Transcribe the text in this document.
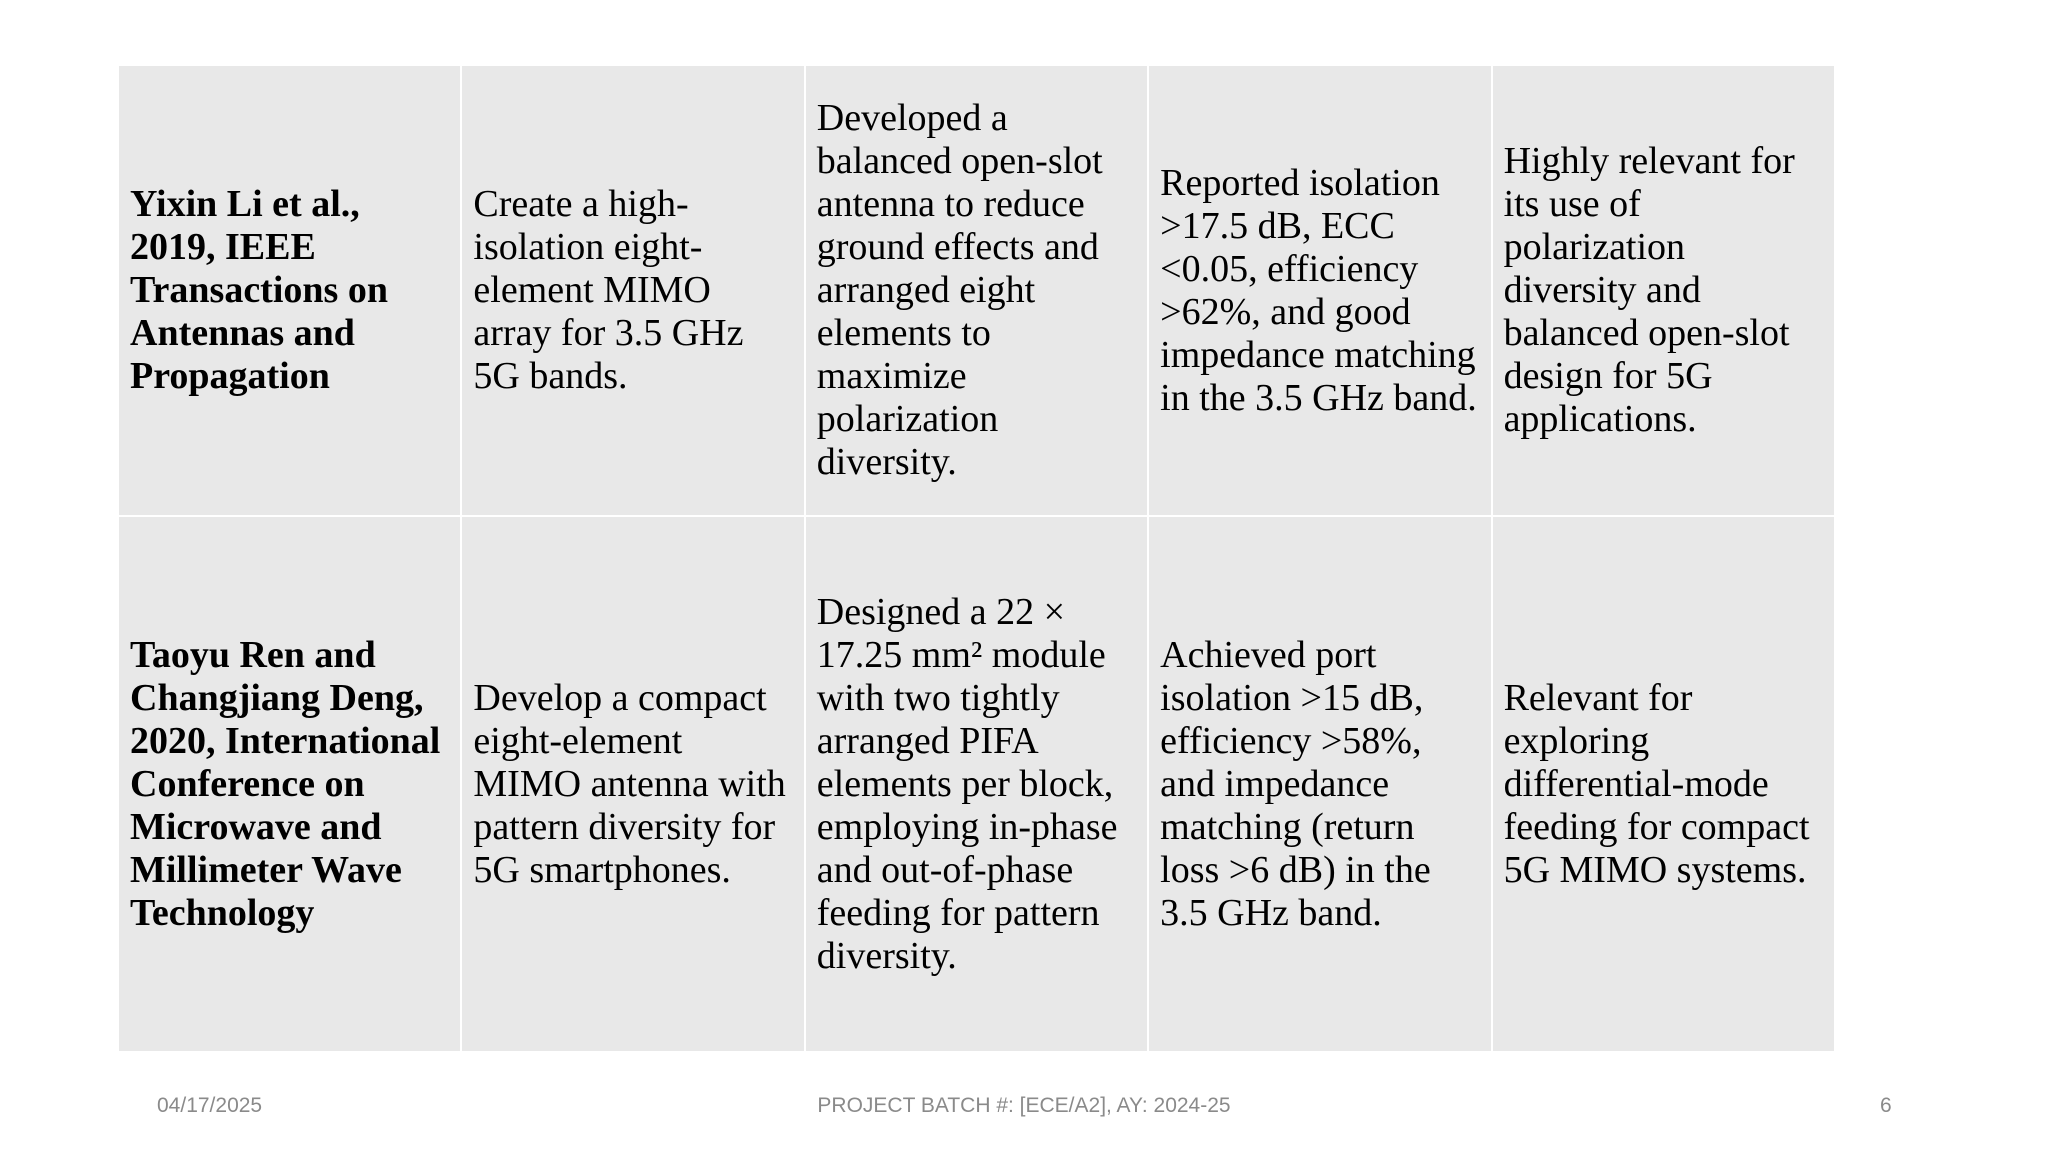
Yixin Li et al., 2019, IEEE Transactions on Antennas and Propagation	Create a high-isolation eight-element MIMO array for 3.5 GHz 5G bands.	Developed a balanced open-slot antenna to reduce ground effects and arranged eight elements to maximize polarization diversity.	Reported isolation >17.5 dB, ECC <0.05, efficiency >62%, and good impedance matching in the 3.5 GHz band.	Highly relevant for its use of polarization diversity and balanced open-slot design for 5G applications.
Taoyu Ren and Changjiang Deng, 2020, International Conference on Microwave and Millimeter Wave Technology	Develop a compact eight-element MIMO antenna with pattern diversity for 5G smartphones.	Designed a 22 × 17.25 mm² module with two tightly arranged PIFA elements per block, employing in-phase and out-of-phase feeding for pattern diversity.	Achieved port isolation >15 dB, efficiency >58%, and impedance matching (return loss >6 dB) in the 3.5 GHz band.	Relevant for exploring differential-mode feeding for compact 5G MIMO systems.
04/17/2025	PROJECT BATCH #: [ECE/A2], AY: 2024-25	6
